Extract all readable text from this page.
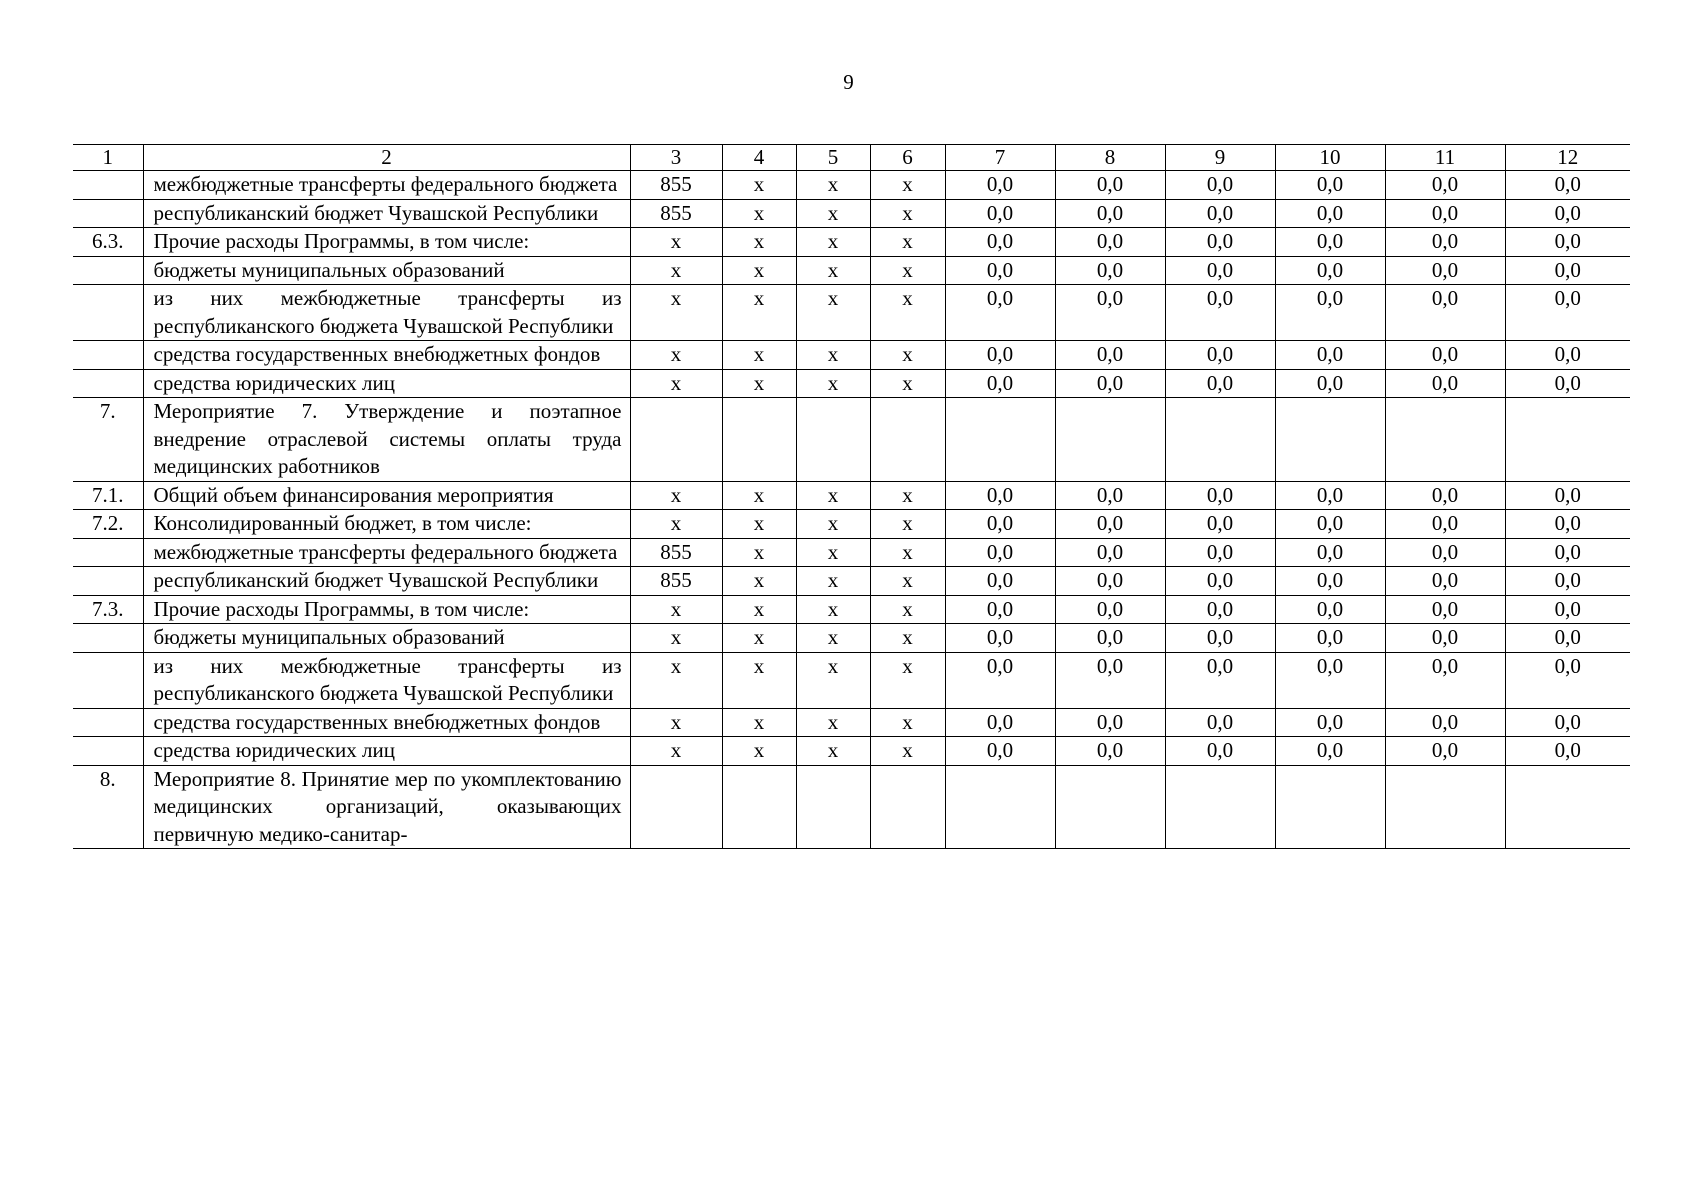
9
1	2	3	4	5	6	7	8	9	10	11	12
	межбюджетные трансферты федерального бюджета	855	х	х	х	0,0	0,0	0,0	0,0	0,0	0,0
	республиканский бюджет Чувашской Республики	855	х	х	х	0,0	0,0	0,0	0,0	0,0	0,0
6.3.	Прочие расходы Программы, в том числе:	х	х	х	х	0,0	0,0	0,0	0,0	0,0	0,0
	бюджеты муниципальных образований	х	х	х	х	0,0	0,0	0,0	0,0	0,0	0,0
	из них межбюджетные трансферты из республиканского бюджета Чувашской Республики	х	х	х	х	0,0	0,0	0,0	0,0	0,0	0,0
	средства государственных внебюджетных фондов	х	х	х	х	0,0	0,0	0,0	0,0	0,0	0,0
	средства юридических лиц	х	х	х	х	0,0	0,0	0,0	0,0	0,0	0,0
7.	Мероприятие 7. Утверждение и поэтапное внедрение отраслевой системы оплаты труда медицинских работников										
7.1.	Общий объем финансирования мероприятия	х	х	х	х	0,0	0,0	0,0	0,0	0,0	0,0
7.2.	Консолидированный бюджет, в том числе:	х	х	х	х	0,0	0,0	0,0	0,0	0,0	0,0
	межбюджетные трансферты федерального бюджета	855	х	х	х	0,0	0,0	0,0	0,0	0,0	0,0
	республиканский бюджет Чувашской Республики	855	х	х	х	0,0	0,0	0,0	0,0	0,0	0,0
7.3.	Прочие расходы Программы, в том числе:	х	х	х	х	0,0	0,0	0,0	0,0	0,0	0,0
	бюджеты муниципальных образований	х	х	х	х	0,0	0,0	0,0	0,0	0,0	0,0
	из них межбюджетные трансферты из республиканского бюджета Чувашской Республики	х	х	х	х	0,0	0,0	0,0	0,0	0,0	0,0
	средства государственных внебюджетных фондов	х	х	х	х	0,0	0,0	0,0	0,0	0,0	0,0
	средства юридических лиц	х	х	х	х	0,0	0,0	0,0	0,0	0,0	0,0
8.	Мероприятие 8. Принятие мер по укомплектованию медицинских организаций, оказывающих первичную медико-санитар-										
